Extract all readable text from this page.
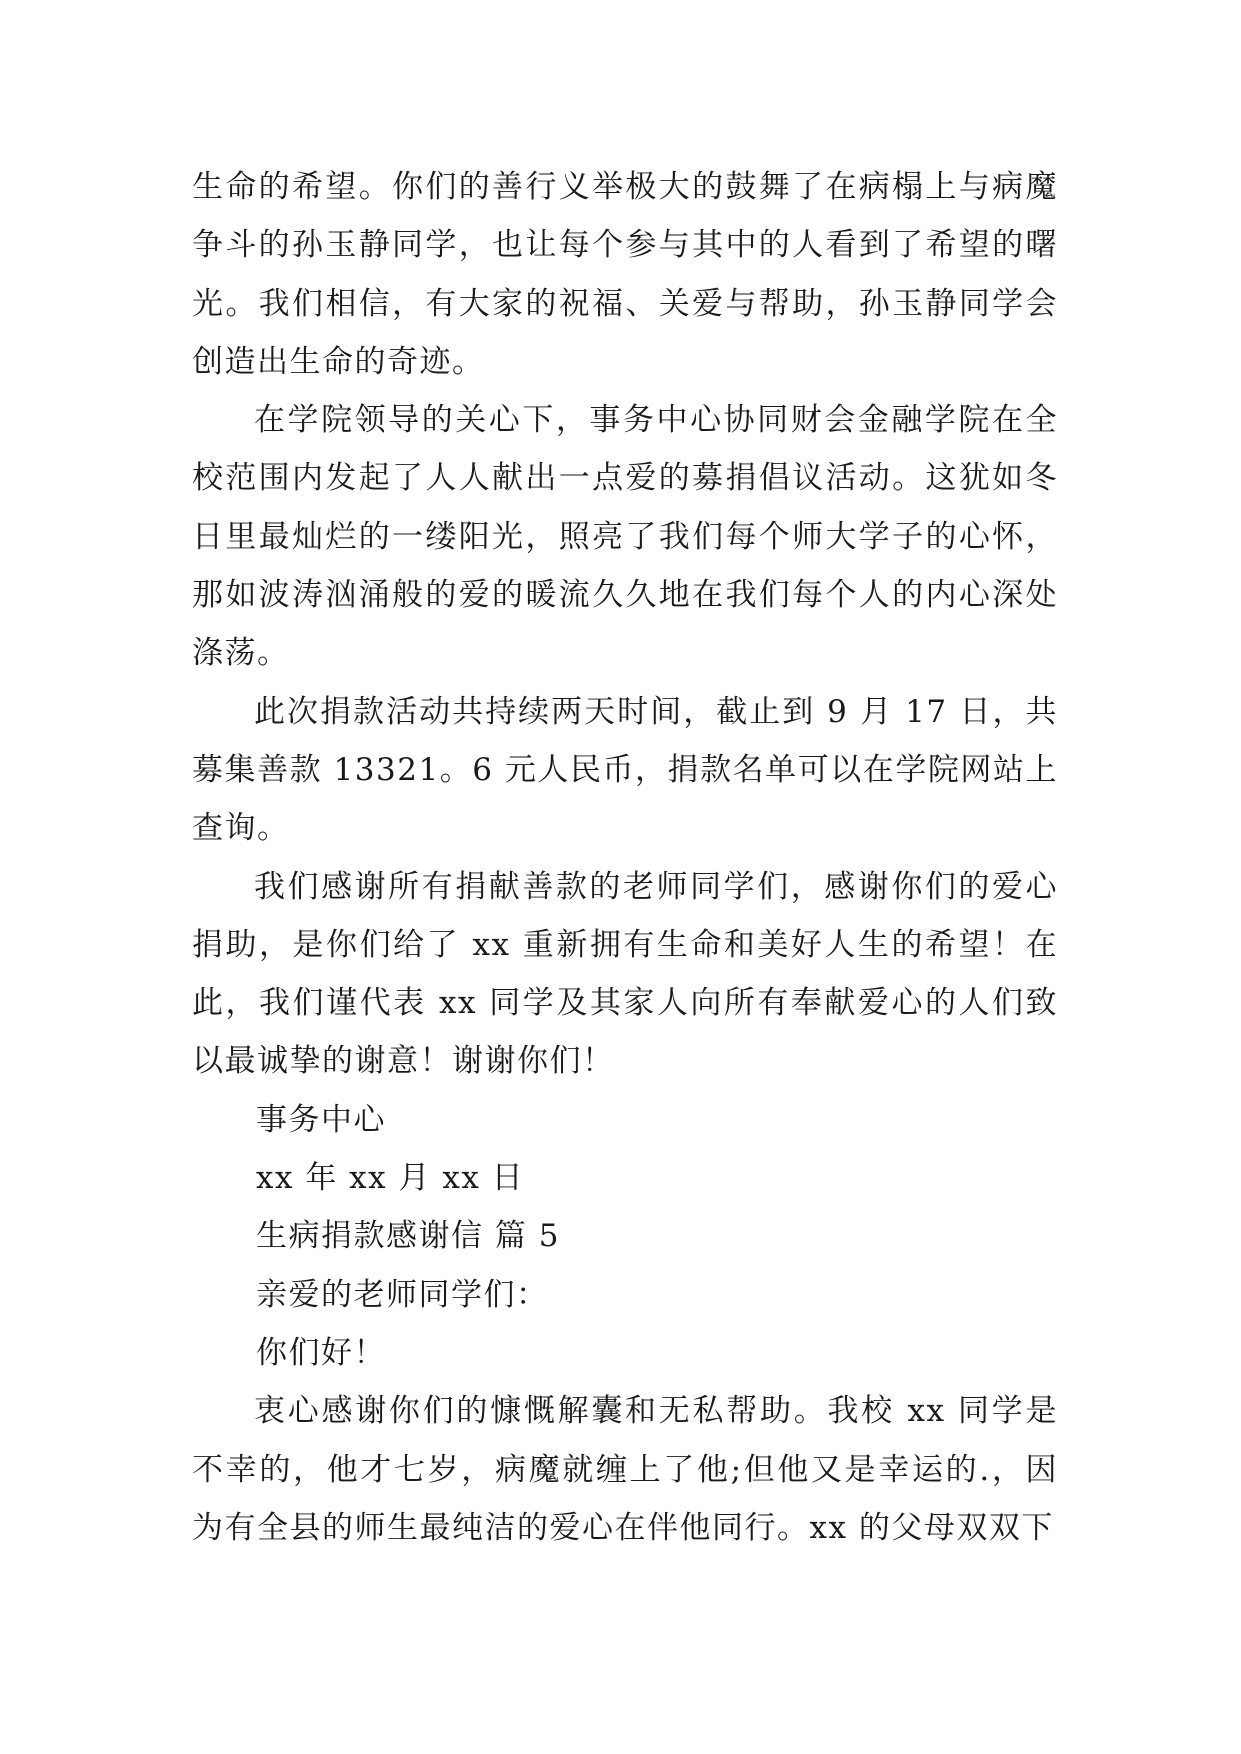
生命的希望。你们的善行义举极大的鼓舞了在病榻上与病魔争斗的孙玉静同学，也让每个参与其中的人看到了希望的曙光。我们相信，有大家的祝福、关爱与帮助，孙玉静同学会创造出生命的奇迹。

在学院领导的关心下，事务中心协同财会金融学院在全校范围内发起了人人献出一点爱的募捐倡议活动。这犹如冬日里最灿烂的一缕阳光，照亮了我们每个师大学子的心怀，那如波涛汹涌般的爱的暖流久久地在我们每个人的内心深处涤荡。

此次捐款活动共持续两天时间，截止到 9 月 17 日，共募集善款 13321。6 元人民币，捐款名单可以在学院网站上查询。

我们感谢所有捐献善款的老师同学们，感谢你们的爱心捐助，是你们给了 xx 重新拥有生命和美好人生的希望！在此，我们谨代表 xx 同学及其家人向所有奉献爱心的人们致以最诚挚的谢意！谢谢你们！

事务中心

xx 年 xx 月 xx 日

生病捐款感谢信 篇 5

亲爱的老师同学们：

你们好！

衷心感谢你们的慷慨解囊和无私帮助。我校 xx 同学是不幸的，他才七岁，病魔就缠上了他;但他又是幸运的.，因为有全县的师生最纯洁的爱心在伴他同行。xx 的父母双双下
